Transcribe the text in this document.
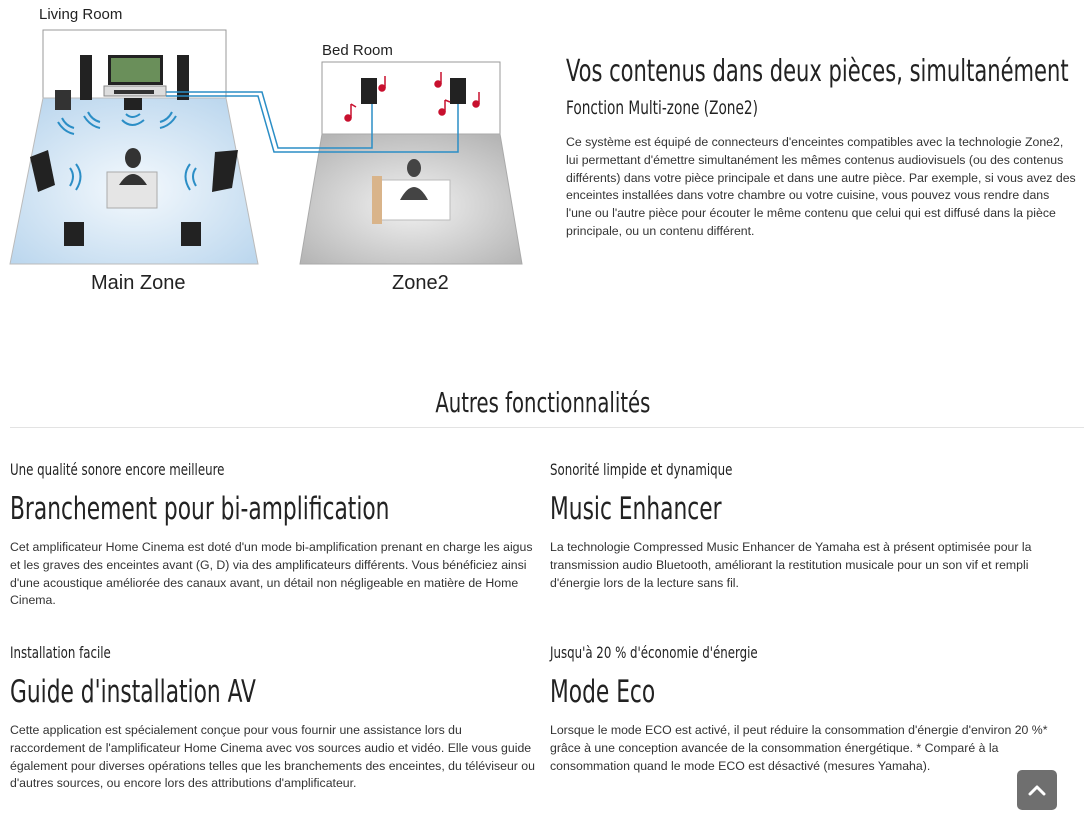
Living Room
Bed Room
Main Zone	Zone2
Vos contenus dans deux pièces, simultanément
Fonction Multi-zone (Zone2)

Ce système est équipé de connecteurs d'enceintes compatibles avec la technologie Zone2, lui permettant d'émettre simultanément les mêmes contenus audiovisuels (ou des contenus différents) dans votre pièce principale et dans une autre pièce. Par exemple, si vous avez des enceintes installées dans votre chambre ou votre cuisine, vous pouvez vous rendre dans l'une ou l'autre pièce pour écouter le même contenu que celui qui est diffusé dans la pièce principale, ou un contenu différent.

Autres fonctionnalités
Une qualité sonore encore meilleure
Branchement pour bi-amplification
Cet amplificateur Home Cinema est doté d'un mode bi-amplification prenant en charge les aigus et les graves des enceintes avant (G, D) via des amplificateurs différents. Vous bénéficiez ainsi d'une acoustique améliorée des canaux avant, un détail non négligeable en matière de Home Cinema.
Sonorité limpide et dynamique
Music Enhancer
La technologie Compressed Music Enhancer de Yamaha est à présent optimisée pour la transmission audio Bluetooth, améliorant la restitution musicale pour un son vif et rempli d'énergie lors de la lecture sans fil.
Installation facile
Guide d'installation AV
Cette application est spécialement conçue pour vous fournir une assistance lors du raccordement de l'amplificateur Home Cinema avec vos sources audio et vidéo. Elle vous guide également pour diverses opérations telles que les branchements des enceintes, du téléviseur ou d'autres sources, ou encore lors des attributions d'amplificateur.
Jusqu'à 20 % d'économie d'énergie
Mode Eco
Lorsque le mode ECO est activé, il peut réduire la consommation d'énergie d'environ 20 %* grâce à une conception avancée de la consommation énergétique. * Comparé à la consommation quand le mode ECO est désactivé (mesures Yamaha).
